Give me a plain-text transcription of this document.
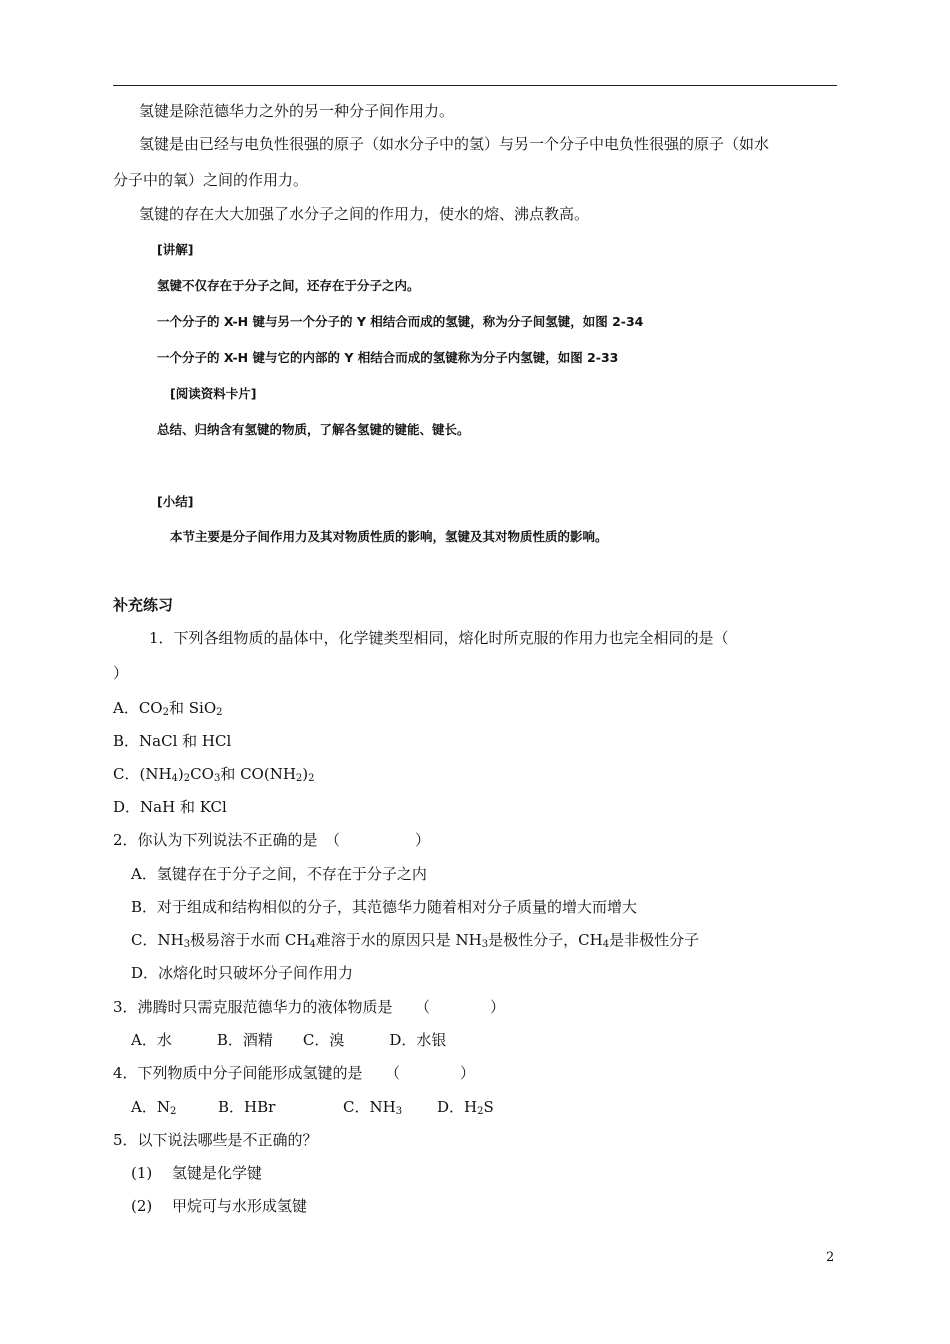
氢键是除范德华力之外的另一种分子间作用力。
氢键是由已经与电负性很强的原子（如水分子中的氢）与另一个分子中电负性很强的原子（如水
分子中的氧）之间的作用力。
氢键的存在大大加强了水分子之间的作用力，使水的熔、沸点教高。
[讲解]
氢键不仅存在于分子之间，还存在于分子之内。
一个分子的 X-H 键与另一个分子的 Y 相结合而成的氢键，称为分子间氢键，如图 2-34
一个分子的 X-H 键与它的内部的 Y 相结合而成的氢键称为分子内氢键，如图 2-33
[阅读资料卡片]
总结、归纳含有氢键的物质，了解各氢键的键能、键长。
[小结]
本节主要是分子间作用力及其对物质性质的影响，氢键及其对物质性质的影响。
补充练习
1．下列各组物质的晶体中，化学键类型相同，熔化时所克服的作用力也完全相同的是（
）
A．$CO_2$和 SiO$_2$
B．NaCl 和 HCl
C．$(NH_4)_2CO_3$和 $CO(NH_2)_2$
D．NaH 和 KCl
2．你认为下列说法不正确的是　（　　　　　）
A．氢键存在于分子之间，不存在于分子之内
B．对于组成和结构相似的分子，其范德华力随着相对分子质量的增大而增大
C．$NH_3$极易溶于水而 $CH_4$难溶于水的原因只是 $NH_3$是极性分子，$CH_4$是非极性分子
D．冰熔化时只破坏分子间作用力
3．沸腾时只需克服范德华力的液体物质是　　（　　　　）
A．水　　　B．酒精　　C．溴　　　D．水银
4．下列物质中分子间能形成氢键的是　　（　　　　）
A．$N_2$	B．HBr	C．$NH_3$ D．$H_2S$
5．以下说法哪些是不正确的？
(1)　 氢键是化学键
(2)　 甲烷可与水形成氢键
2
